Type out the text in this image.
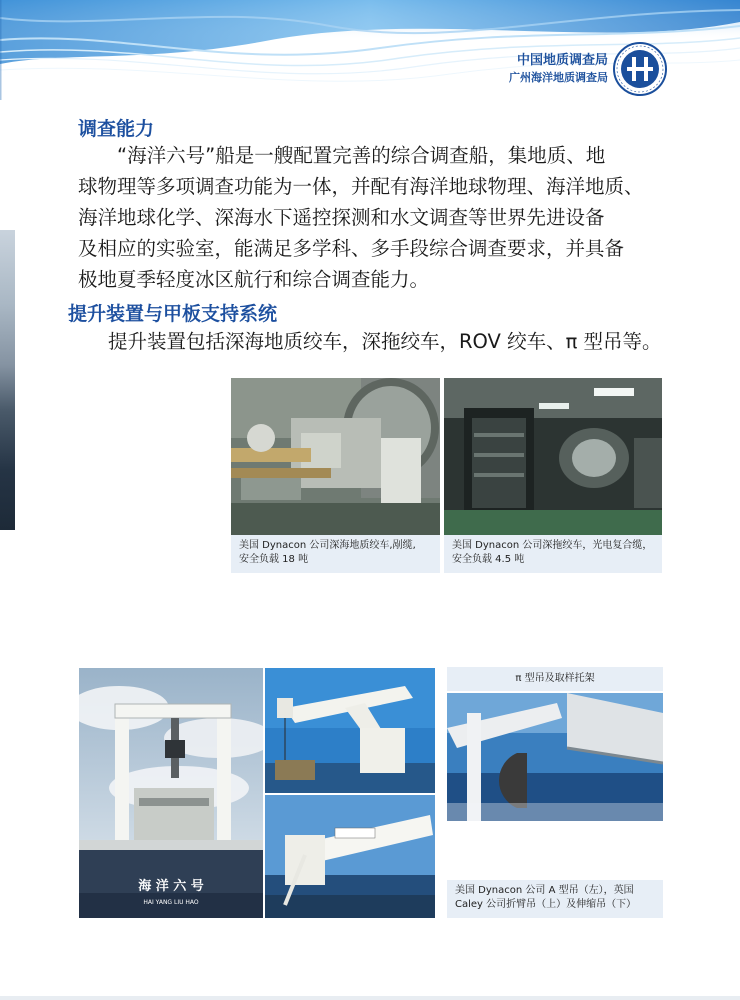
中国地质调查局
广州海洋地质调查局
调查能力
“海洋六号”船是一艘配置完善的综合调查船，集地质、地
球物理等多项调查功能为一体，并配有海洋地球物理、海洋地质、
海洋地球化学、深海水下遥控探测和水文调查等世界先进设备
及相应的实验室，能满足多学科、多手段综合调查要求，并具备
极地夏季轻度冰区航行和综合调查能力。
提升装置与甲板支持系统
提升装置包括深海地质绞车，深拖绞车，ROV 绞车、π 型吊等。
美国 Dynacon 公司深海地质绞车,剐缆,
安全负载 18 吨
美国 Dynacon 公司深拖绞车，光电复合缆，
安全负载 4.5 吨
海 洋 六 号
HAI YANG LIU HAO
π 型吊及取样托架
美国 Dynacon 公司 A 型吊（左），英国
Caley 公司折臂吊（上）及伸缩吊（下）
